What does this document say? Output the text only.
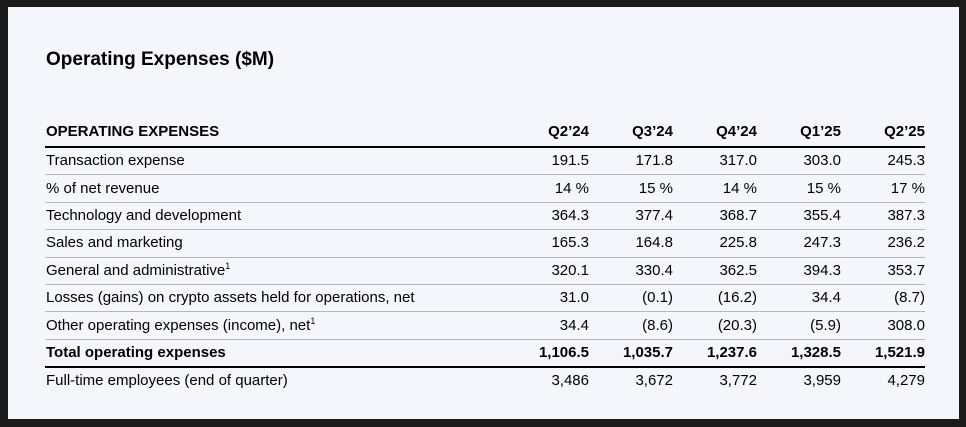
Operating Expenses ($M)
OPERATING EXPENSES	Q2’24	Q3’24	Q4’24	Q1’25	Q2’25
Transaction expense	191.5	171.8	317.0	303.0	245.3
% of net revenue	14 %	15 %	14 %	15 %	17 %
Technology and development	364.3	377.4	368.7	355.4	387.3
Sales and marketing	165.3	164.8	225.8	247.3	236.2
General and administrative$^1$	320.1	330.4	362.5	394.3	353.7
Losses (gains) on crypto assets held for operations, net	31.0	(0.1)	(16.2)	34.4	(8.7)
Other operating expenses (income), net$^1$	34.4	(8.6)	(20.3)	(5.9)	308.0
Total operating expenses	1,106.5	1,035.7	1,237.6	1,328.5	1,521.9
Full-time employees (end of quarter)	3,486	3,672	3,772	3,959	4,279
